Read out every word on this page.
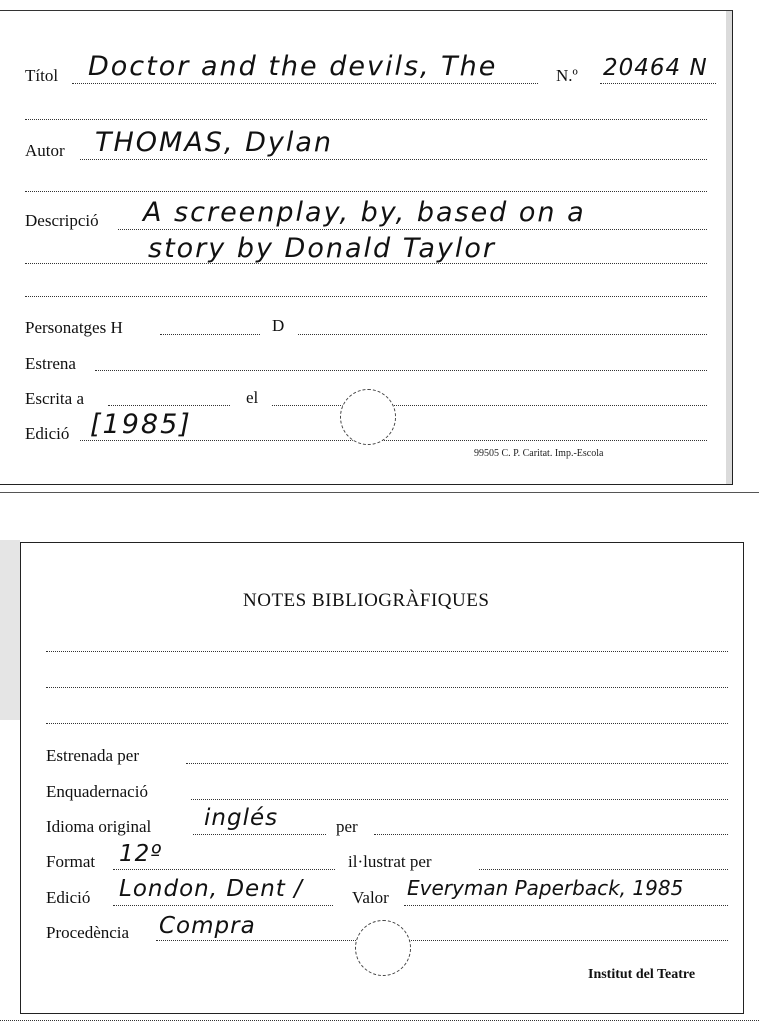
Títol Doctor and the devils, The	N.º 20464 N
Autor THOMAS, Dylan
Descripció A screenplay, by, based on a
story by Donald Taylor
Personatges H	D
Estrena
Escrita a	el
Edició [1985]
99505 C. P. Caritat. Imp.-Escola
NOTES BIBLIOGRÀFIQUES
Estrenada per
Enquadernació
Idioma original inglés	per
Format 12º	il·lustrat per
Edició London, Dent /	Valor Everyman Paperback, 1985
Procedència Compra
Institut del Teatre
